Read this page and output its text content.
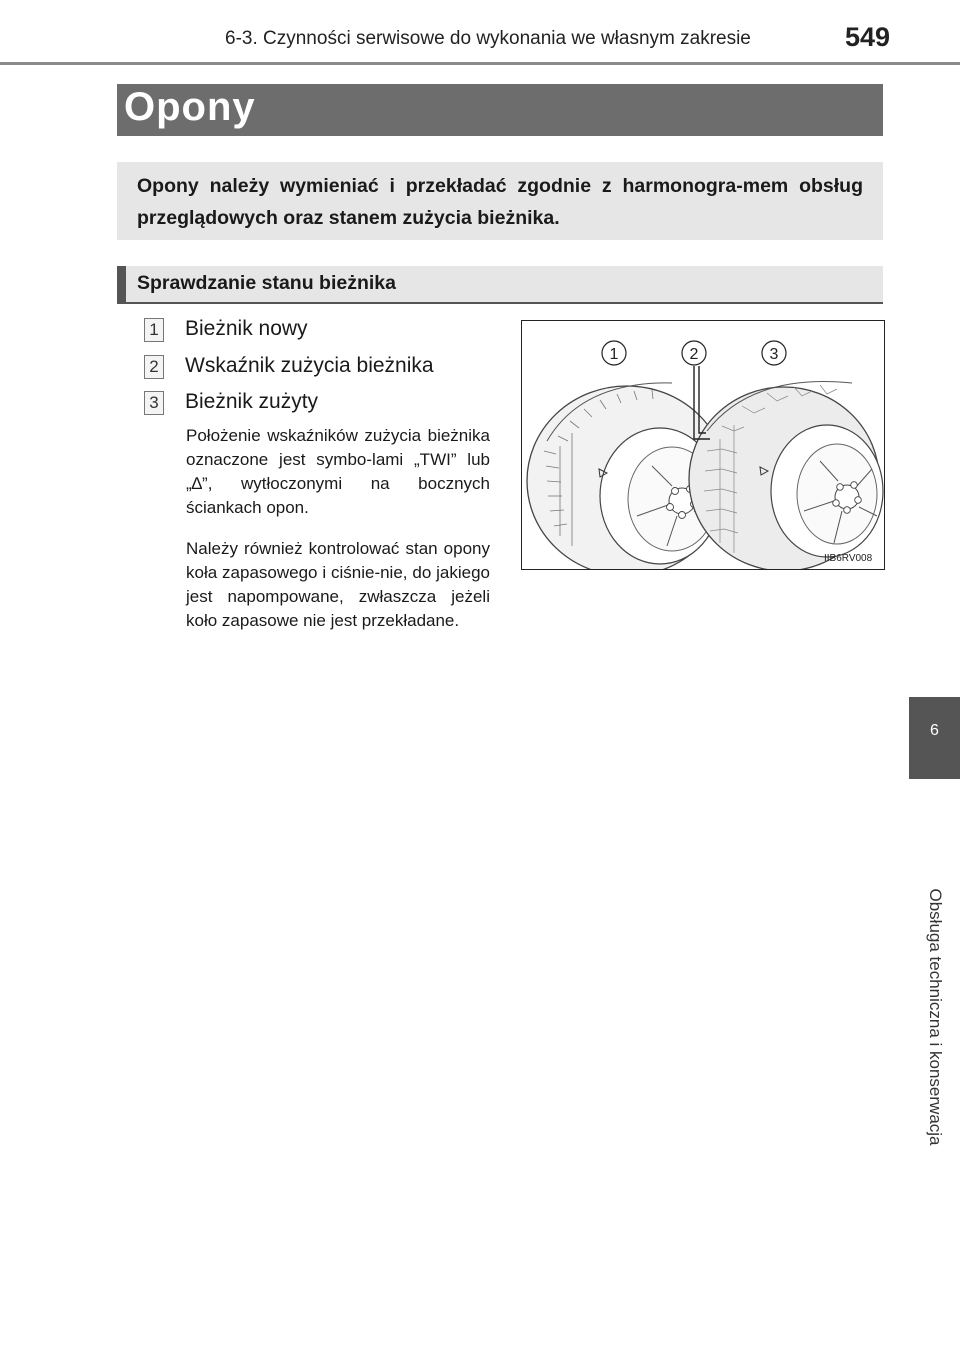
6-3. Czynności serwisowe do wykonania we własnym zakresie	549
6
Obsługa techniczna i konserwacja
Opony
Opony należy wymieniać i przekładać zgodnie z harmonogra-mem obsług przeglądowych oraz stanem zużycia bieżnika.
Sprawdzanie stanu bieżnika
1 Bieżnik nowy
2 Wskaźnik zużycia bieżnika
3 Bieżnik zużyty
Położenie wskaźników zużycia bieżnika oznaczone jest symbo-lami „TWI” lub „∆”, wytłoczonymi na bocznych ściankach opon.
Należy również kontrolować stan opony koła zapasowego i ciśnie-nie, do jakiego jest napompowane, zwłaszcza jeżeli koło zapasowe nie jest przekładane.
1	2	3
IIB6RV008
